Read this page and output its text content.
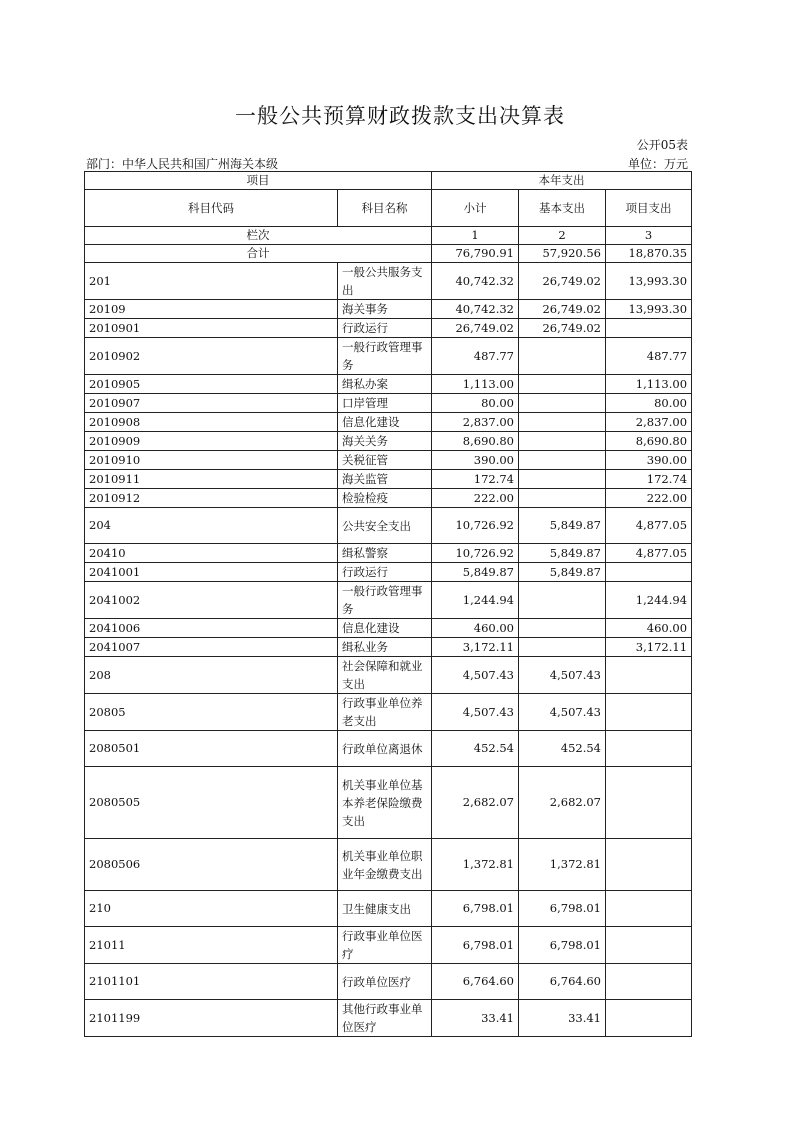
一般公共预算财政拨款支出决算表
公开05表
部门：中华人民共和国广州海关本级	单位：万元
项目		本年支出		
科目代码	科目名称	小计	基本支出	项目支出
栏次		1	2	3
合计		76,790.91	57,920.56	18,870.35
201	一般公共服务支出	40,742.32	26,749.02	13,993.30
20109	海关事务	40,742.32	26,749.02	13,993.30
2010901	行政运行	26,749.02	26,749.02	
2010902	一般行政管理事务	487.77		487.77
2010905	缉私办案	1,113.00		1,113.00
2010907	口岸管理	80.00		80.00
2010908	信息化建设	2,837.00		2,837.00
2010909	海关关务	8,690.80		8,690.80
2010910	关税征管	390.00		390.00
2010911	海关监管	172.74		172.74
2010912	检验检疫	222.00		222.00
204	公共安全支出	10,726.92	5,849.87	4,877.05
20410	缉私警察	10,726.92	5,849.87	4,877.05
2041001	行政运行	5,849.87	5,849.87	
2041002	一般行政管理事务	1,244.94		1,244.94
2041006	信息化建设	460.00		460.00
2041007	缉私业务	3,172.11		3,172.11
208	社会保障和就业支出	4,507.43	4,507.43	
20805	行政事业单位养老支出	4,507.43	4,507.43	
2080501	行政单位离退休	452.54	452.54	
2080505	机关事业单位基本养老保险缴费支出	2,682.07	2,682.07	
2080506	机关事业单位职业年金缴费支出	1,372.81	1,372.81	
210	卫生健康支出	6,798.01	6,798.01	
21011	行政事业单位医疗	6,798.01	6,798.01	
2101101	行政单位医疗	6,764.60	6,764.60	
2101199	其他行政事业单位医疗	33.41	33.41	
